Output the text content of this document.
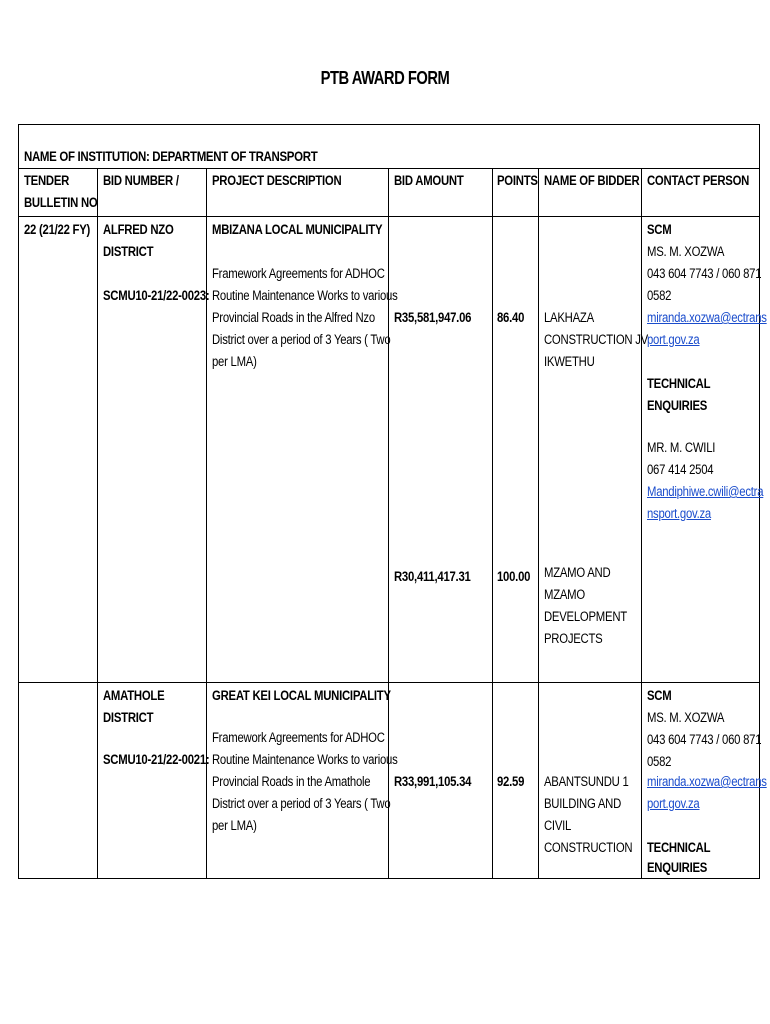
PTB AWARD FORM
NAME OF INSTITUTION: DEPARTMENT OF TRANSPORT
TENDER
BULLETIN NO
BID NUMBER / PROJECT DESCRIPTION	BID AMOUNT POINTS NAME OF BIDDER CONTACT PERSON
22 (21/22 FY) ALFRED NZO
DISTRICT
SCMU10-21/22-0023:
MBIZANA LOCAL MUNICIPALITY
Framework Agreements for ADHOC
Routine Maintenance Works to various
Provincial Roads in the Alfred Nzo
District over a period of 3 Years ( Two
per LMA)
R35,581,947.06 86.40 LAKHAZA
CONSTRUCTION JV
IKWETHU
R30,411,417.31 100.00 MZAMO AND
MZAMO
DEVELOPMENT
PROJECTS
SCM
MS. M. XOZWA
043 604 7743 / 060 871
0582
miranda.xozwa@ectrans
port.gov.za
TECHNICAL
ENQUIRIES
MR. M. CWILI
067 414 2504
Mandiphiwe.cwili@ectra
nsport.gov.za
AMATHOLE
DISTRICT
SCMU10-21/22-0021:
GREAT KEI LOCAL MUNICIPALITY
Framework Agreements for ADHOC
Routine Maintenance Works to various
Provincial Roads in the Amathole
District over a period of 3 Years ( Two
per LMA)
R33,991,105.34 92.59 ABANTSUNDU 1
BUILDING AND
CIVIL
CONSTRUCTION
SCM
MS. M. XOZWA
043 604 7743 / 060 871
0582
miranda.xozwa@ectrans
port.gov.za
TECHNICAL
ENQUIRIES
